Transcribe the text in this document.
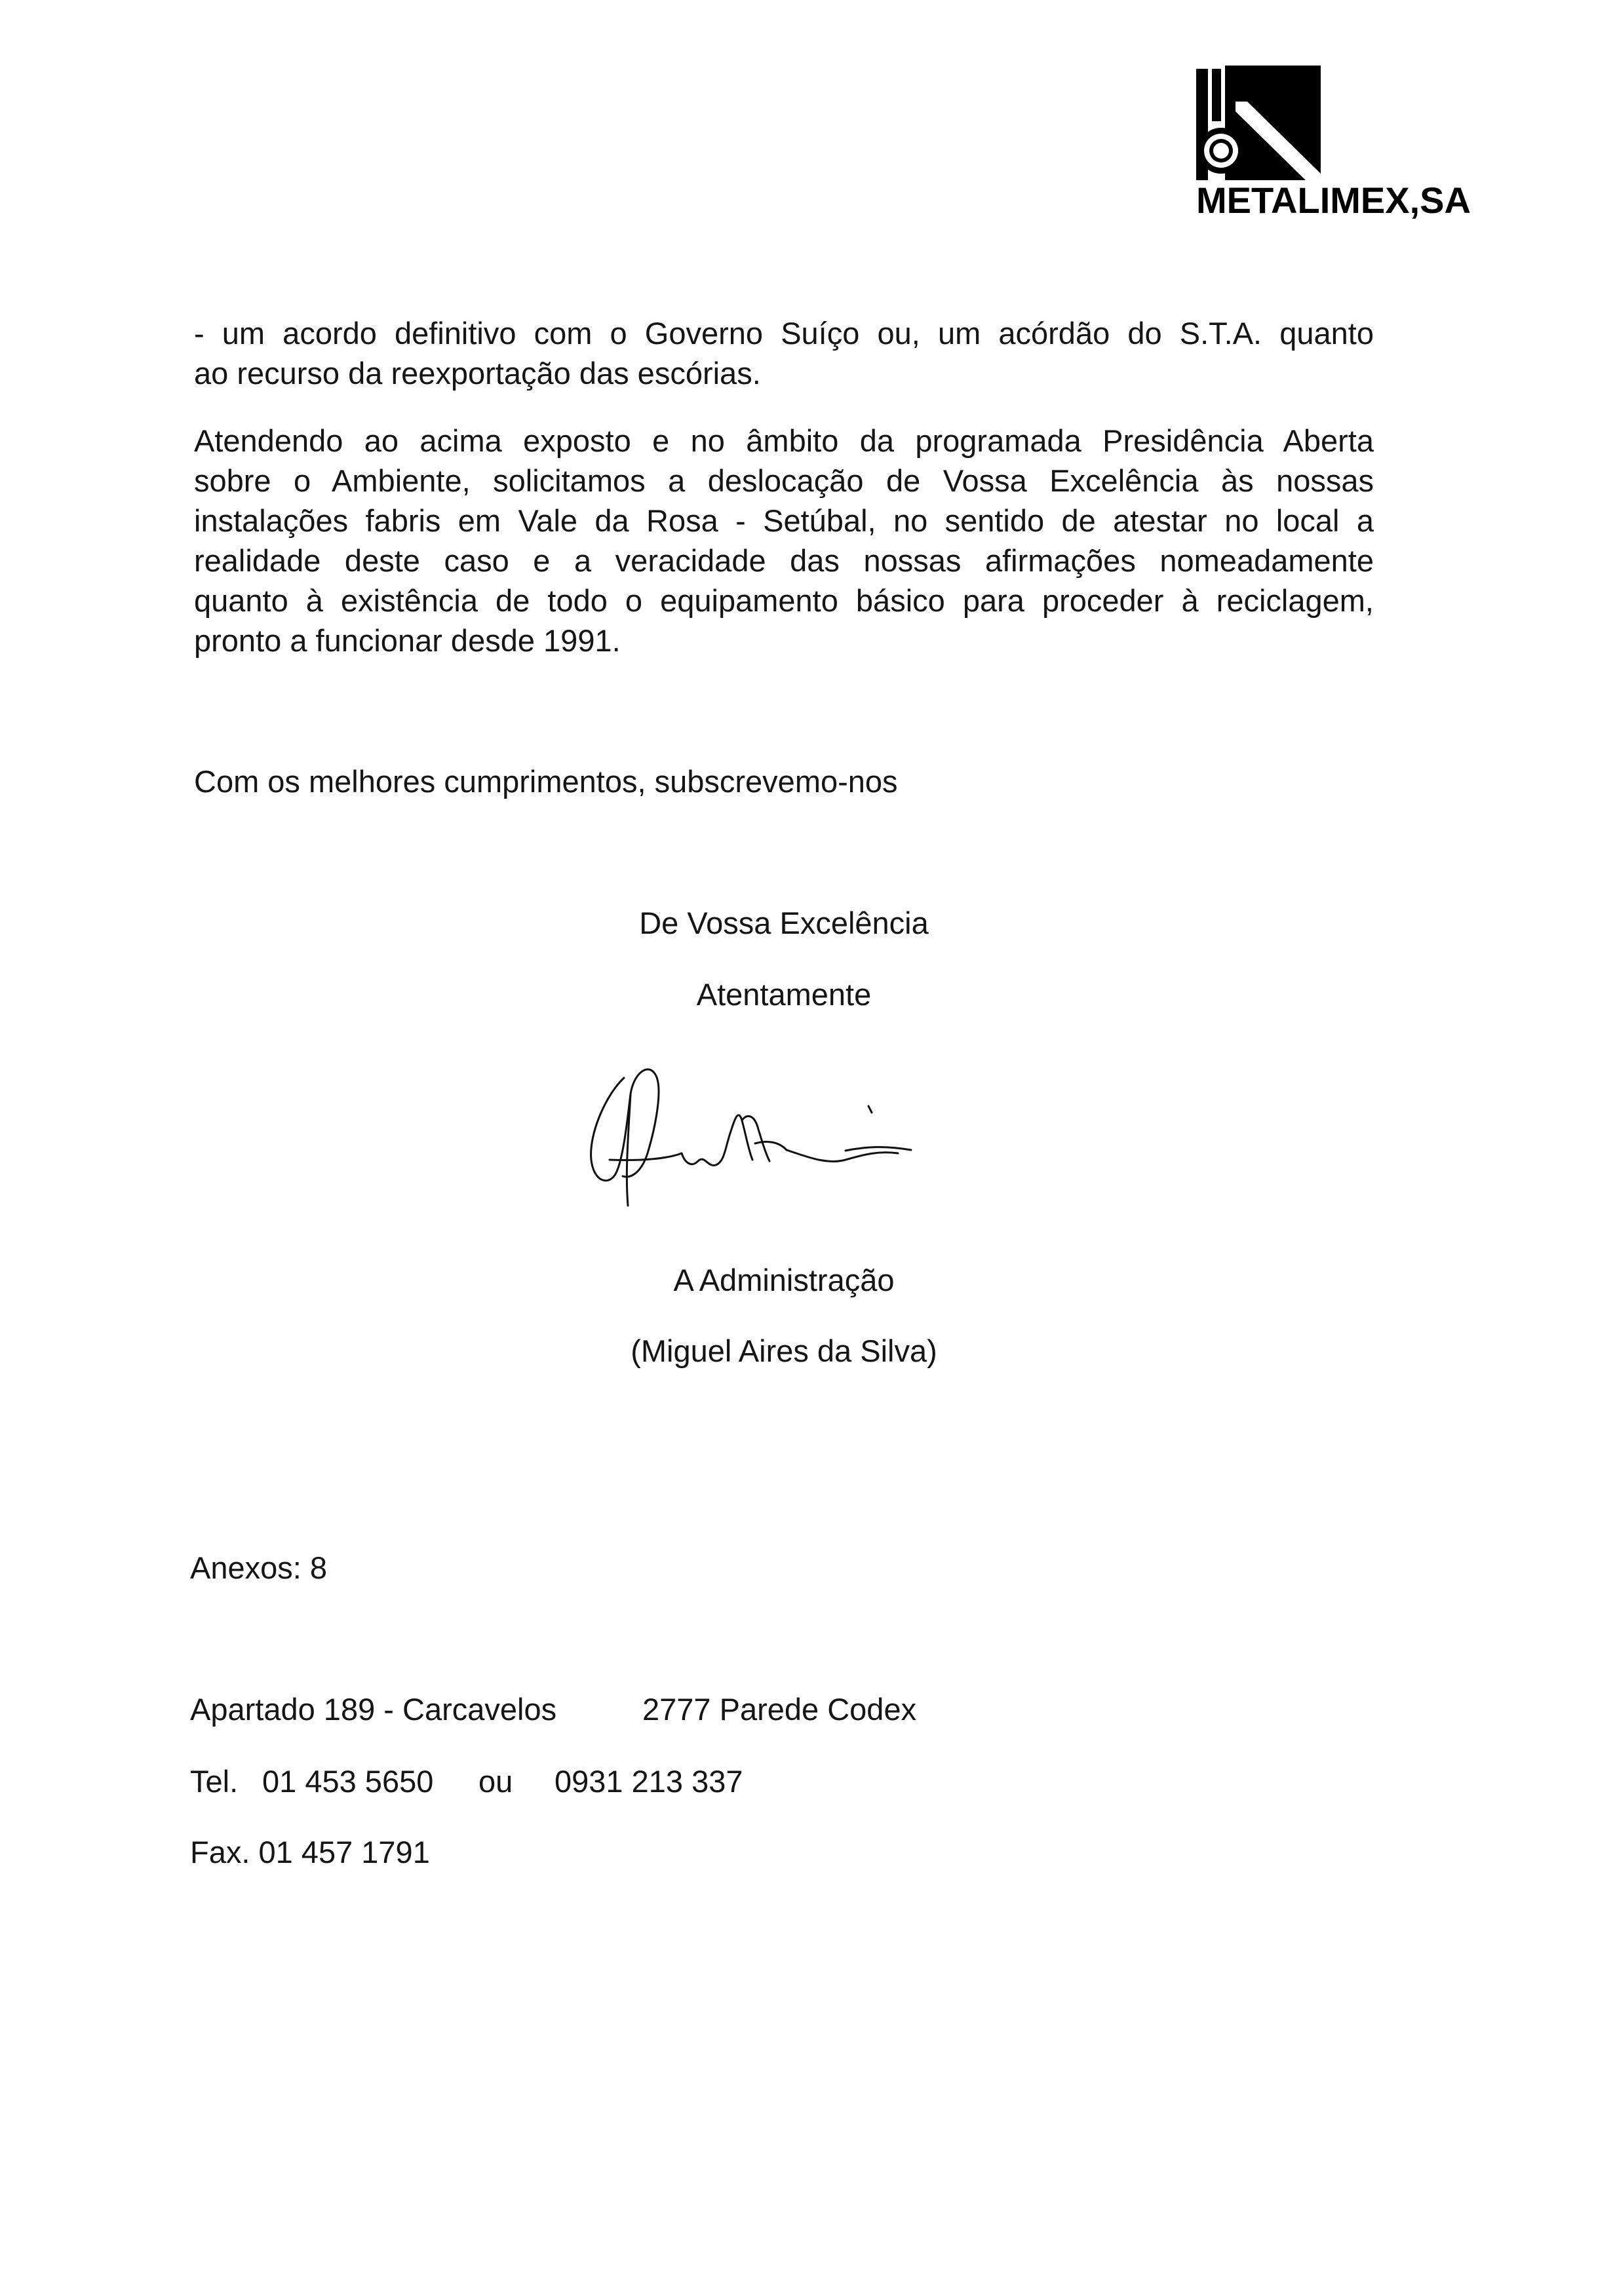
METALIMEX,SA
- um acordo definitivo com o Governo Suíço ou, um acórdão do S.T.A. quanto
ao recurso da reexportação das escórias.
Atendendo ao acima exposto e no âmbito da programada Presidência Aberta
sobre o Ambiente, solicitamos a deslocação de Vossa Excelência às nossas
instalações fabris em Vale da Rosa - Setúbal, no sentido de atestar no local a
realidade deste caso e a veracidade das nossas afirmações nomeadamente
quanto à existência de todo o equipamento básico para proceder à reciclagem,
pronto a funcionar desde 1991.
Com os melhores cumprimentos, subscrevemo-nos
De Vossa Excelência
Atentamente
A Administração
(Miguel Aires da Silva)
Anexos: 8
Apartado 189 - Carcavelos	2777 Parede Codex
Tel. 01 453 5650 ou 0931 213 337
Fax. 01 457 1791
